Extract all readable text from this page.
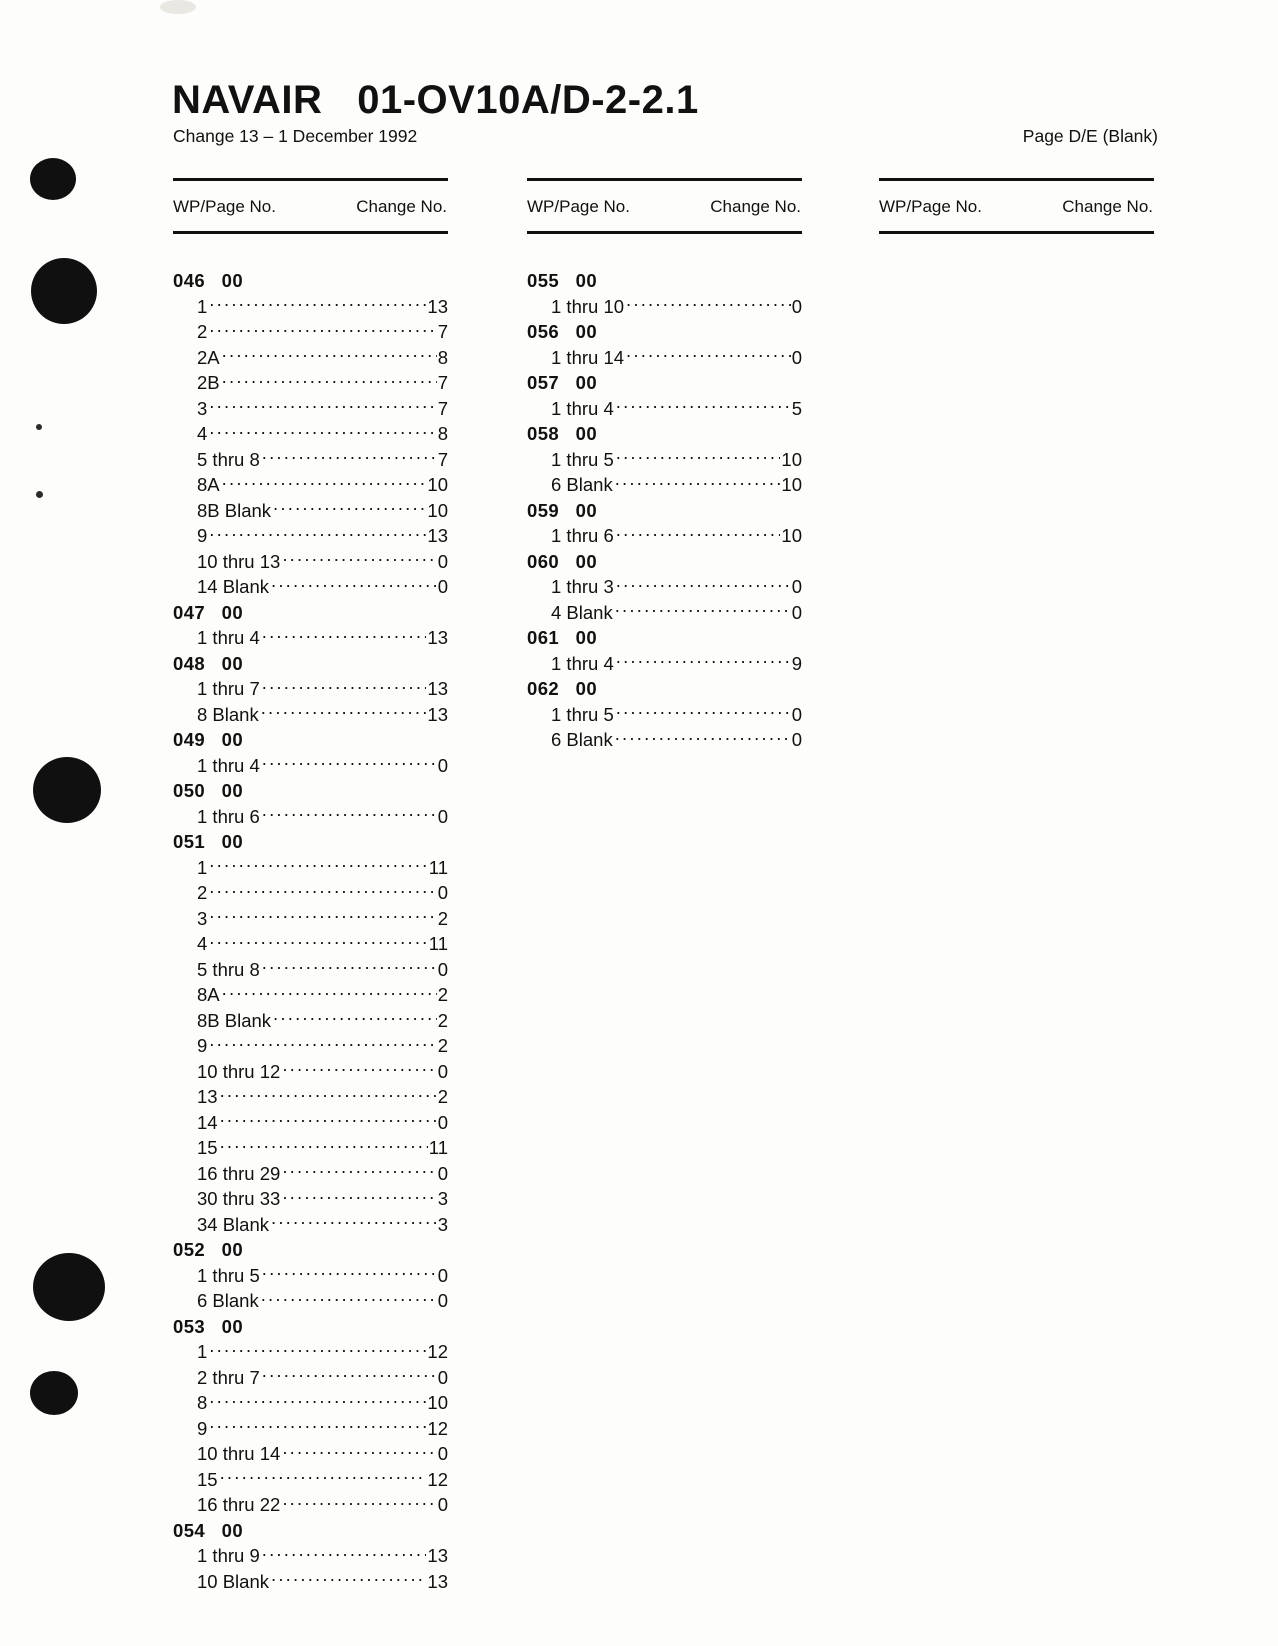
NAVAIR   01-OV10A/D-2-2.1
Change 13 – 1 December 1992	Page D/E (Blank)
WP/Page No.	Change No.
046   00
1 .....	13
2 .....	7
2A .....	8
2B .....	7
3 .....	7
4 .....	8
5 thru 8 .....	7
8A .....	10
8B Blank .....	10
9 .....	13
10 thru 13 .....	0
14 Blank .....	0
047   00
1 thru 4 .....	13
048   00
1 thru 7 .....	13
8 Blank .....	13
049   00
1 thru 4 .....	0
050   00
1 thru 6 .....	0
051   00
1 .....	11
2 .....	0
3 .....	2
4 .....	11
5 thru 8 .....	0
8A .....	2
8B Blank .....	2
9 .....	2
10 thru 12 .....	0
13 .....	2
14 .....	0
15 .....	11
16 thru 29 .....	0
30 thru 33 .....	3
34 Blank .....	3
052   00
1 thru 5 .....	0
6 Blank .....	0
053   00
1 .....	12
2 thru 7 .....	0
8 .....	10
9 .....	12
10 thru 14 .....	0
15 .....	12
16 thru 22 .....	0
054   00
1 thru 9 .....	13
10 Blank .....	13
WP/Page No.	Change No.
055   00
1 thru 10 .....	0
056   00
1 thru 14 .....	0
057   00
1 thru 4 .....	5
058   00
1 thru 5 .....	10
6 Blank .....	10
059   00
1 thru 6 .....	10
060   00
1 thru 3 .....	0
4 Blank .....	0
061   00
1 thru 4 .....	9
062   00
1 thru 5 .....	0
6 Blank .....	0
WP/Page No.	Change No.
